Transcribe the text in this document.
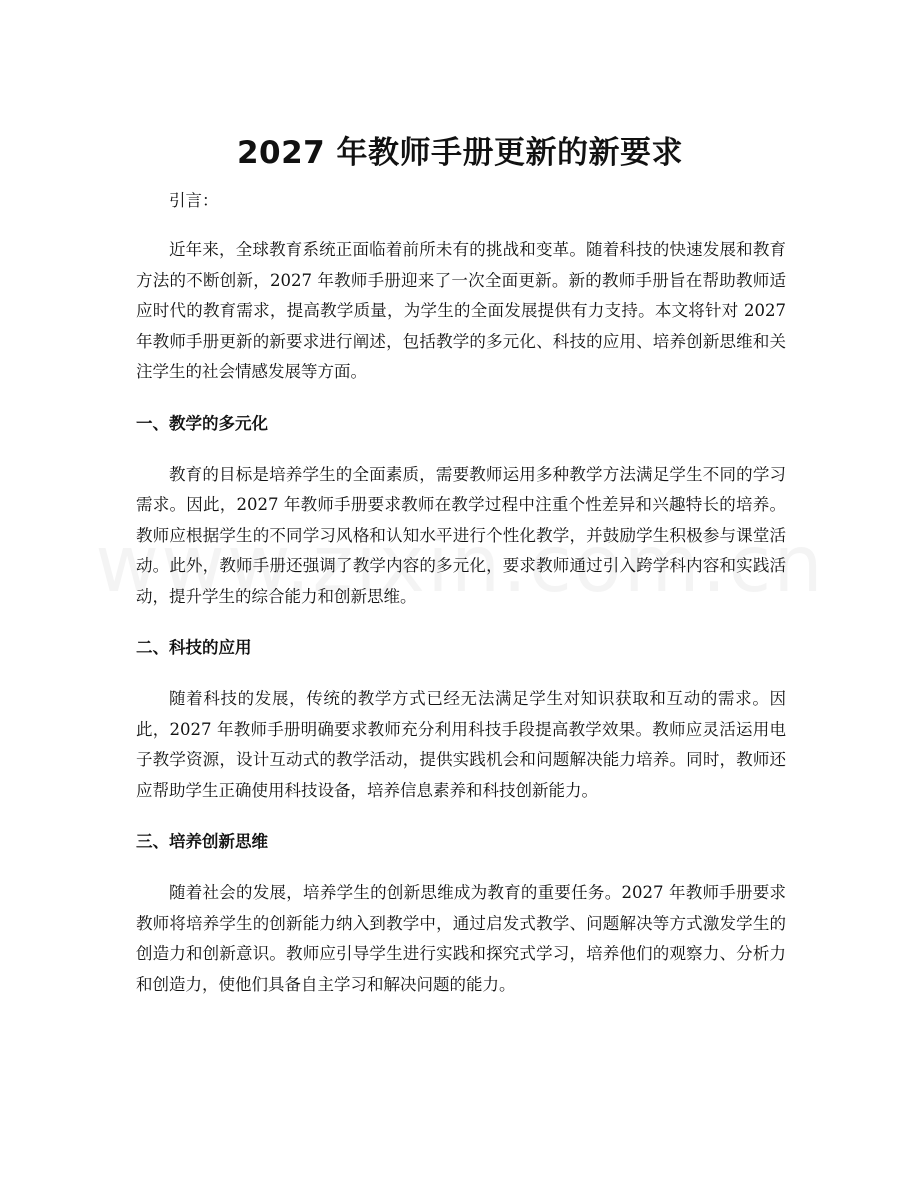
2027 年教师手册更新的新要求

引言：

近年来，全球教育系统正面临着前所未有的挑战和变革。随着科技的快速发展和教育方法的不断创新，2027 年教师手册迎来了一次全面更新。新的教师手册旨在帮助教师适应时代的教育需求，提高教学质量，为学生的全面发展提供有力支持。本文将针对 2027 年教师手册更新的新要求进行阐述，包括教学的多元化、科技的应用、培养创新思维和关注学生的社会情感发展等方面。

一、教学的多元化

教育的目标是培养学生的全面素质，需要教师运用多种教学方法满足学生不同的学习需求。因此，2027 年教师手册要求教师在教学过程中注重个性差异和兴趣特长的培养。教师应根据学生的不同学习风格和认知水平进行个性化教学，并鼓励学生积极参与课堂活动。此外，教师手册还强调了教学内容的多元化，要求教师通过引入跨学科内容和实践活动，提升学生的综合能力和创新思维。

二、科技的应用

随着科技的发展，传统的教学方式已经无法满足学生对知识获取和互动的需求。因此，2027 年教师手册明确要求教师充分利用科技手段提高教学效果。教师应灵活运用电子教学资源，设计互动式的教学活动，提供实践机会和问题解决能力培养。同时，教师还应帮助学生正确使用科技设备，培养信息素养和科技创新能力。

三、培养创新思维

随着社会的发展，培养学生的创新思维成为教育的重要任务。2027 年教师手册要求教师将培养学生的创新能力纳入到教学中，通过启发式教学、问题解决等方式激发学生的创造力和创新意识。教师应引导学生进行实践和探究式学习，培养他们的观察力、分析力和创造力，使他们具备自主学习和解决问题的能力。
